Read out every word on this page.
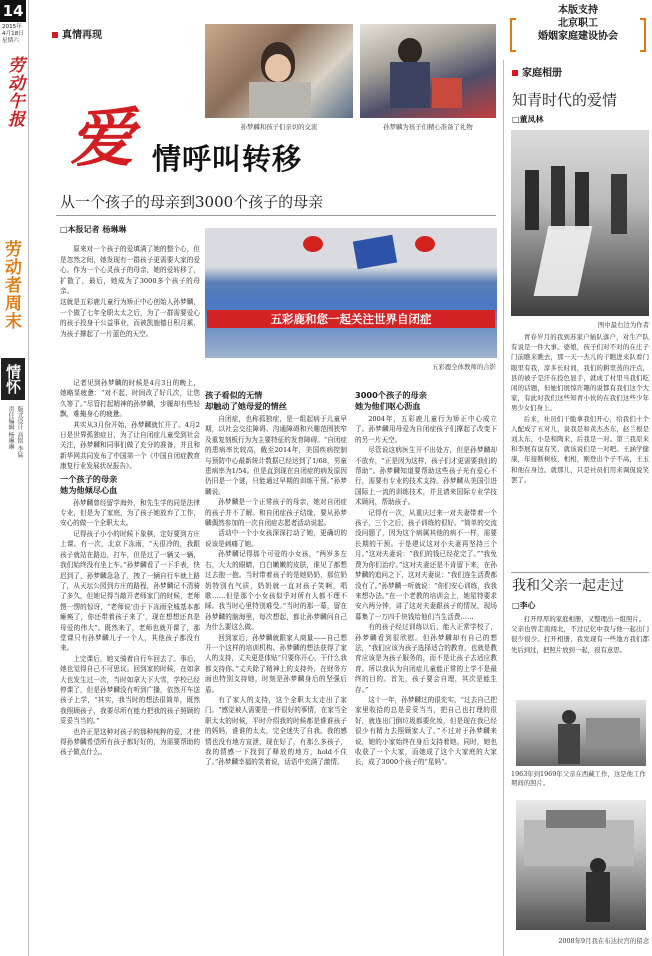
14
2015年
4月18日
星期六
劳动午报
劳动者周末
情怀
版式设计 高铭 李猛
责任编辑 杨琳琳
真情再现
孙梦麟和孩子们亲切的交流	孙梦麟为孩子们精心准备了礼物
本版支持
北京职工
婚姻家庭建设协会
家庭相册
爱 情呼叫转移
从一个孩子的母亲到3000个孩子的母亲
□本报记者 杨琳琳
原来对一个孩子的爱填满了她的整个心，但是忽然之间，她发现有一群孩子更需要大家的爱心。作为一个心灵孩子的母亲，她的爱转移了，扩散了，最后，她成为了3000多个孩子的母亲。
这就是五彩鹿儿童行为矫正中心创始人孙梦麟，一个做了七年全职太太之后，为了一群需要爱心的孩子投身于公益事业，而被凯施德日积月累，为孩子撑起了一片蓝色的天空。
五彩鹿和您一起关注世界自闭症
五彩鹿全体教师的合影

记者见到孙梦麟的时候是4月3日的晚上，她略显疲惫：“对不起，时间改了好几次，让您久等了。”尽管打起精神的孙梦麟，步履却有些轻飘，难掩身心的疲惫。

其实从3月份开始，孙梦麟就忙开了。4月2日是世界孤独症日，为了让自闭症儿童受到社会关注，孙梦麟和同事们做了充分的准备，并且和新华网共同发布了中国第一个《中国自闭症教育康复行业发展状况报告》。

一个孩子的母亲
她为他倾尽心血

孙梦麟曾经留学海外，和先生学的同是法律专业，但是为了家庭，为了孩子她放弃了工作，安心的做一个全职太太。

记得孩子小小的时候下象棋，定好要到方庄上课。有一次，北京下冻雨，“天很冷的，我跟孩子就站在路边，打车，但是过了一辆又一辆，我们始终没有坐上车。”孙梦麟看了一下手表，快迟到了，孙梦麟急急了，拽了一辆自行车就上路了，从天坛公园到方庄的路程，孙梦麟记不清骑了多久，但她记得当敲开老师家门的时候，老师愣一愣的惊讶，“老师说‘由于下冻雨全城基本都瘫痪了，你还带着孩子来了’，现在想想还真是母爱的伟大”。既然来了，老师也就开课了，那堂课只有孙梦麟儿子一个人，其他孩子都没有来。

上完课后，她又骑着自行车回去了。事后，她也觉得自己不可思议。回到家的时候，在如拿大也发生过一次，当时如拿大下大雪，学校已经停课了，但是孙梦麟没有听到广播，依然开车送孩子上学，“其实，我当时的想法很简单，既然我照顾孩子，我要尽所有能力把我的孩子照顾的妥妥当当的。”

也许正是这种对孩子的那种纯粹的爱，才使得孙梦麟希望所有孩子都好好的，为需要帮助的孩子做点什么。

孩子看似的无情
却触动了她母爱的情丝

自闭症，也称孤独症，是一组起病于儿童早期，以社会交往障碍、沟通障碍和兴趣范围狭窄及重复刻板行为为主要特征的发育障碍。“自闭症的患病率比较高，截至2014年，美国疾病控制与预防中心最新统计数据已经达到了1/68，男童患病率为1/54。但是直到现在自闭症的病发原因仍旧是一个谜，只能通过早期的训练干预。”孙梦麟说。

孙梦麟是一个正常孩子的母亲，她对自闭症的孩子并不了解。和自闭症孩子结缘，要从孙梦麟偶然参加的一次自闭症志愿者活动说起。

活动中一个小女孩深深打动了她，更确切的说该是刺痛了她。

孙梦麟记得那个可爱的小女孩，“两岁多左右，大大的眼睛，白白嫩嫩的皮肤，谁见了都想过去抱一抱。当时带着孩子的是她奶奶，那位奶奶特别有气质，奶奶就一直对孩子笑啊，唱歌……但是那个小女孩似乎对所有人都不理不睬。我当时心里特别难受。”当时的那一幕，留在孙梦麟的脑海里，每次想起，都让孙梦麟问自己为什么要这么做。

回到家后，孙梦麟就跟家人商量——自己想开一个这样的培训机构。孙梦麟的想法获得了家人的支持，丈夫更是体贴“只要你开心，干什么我都支持你。”丈夫除了精神上的支持外，在财务方面也特别支持她，时刻是孙梦麟身后的坚强后盾。

有了家人的支持，这个全职太太走出了家门。“感觉被人需要是一件很好的事情，在家当全职太太的时候，平时介绍我的时候都是谁谁孩子的妈妈，谁谁的太太，完全迷失了自我。我的感情也没有地方宣泄，现在好了，有那么多孩子，我的情感一下找到了释放的地方，hold不住了。”孙梦麟幸福的笑着说，话语中充满了激情。

3000个孩子的母亲
她为他们呕心沥血

2004年，五彩鹿儿童行为矫正中心成立了。孙梦麟用母爱为自闭症孩子们撑起了改变下的另一片天空。

尽管说这病医生开不出处方，但是孙梦麟却不放弃，“正是因为这样，孩子们才更需要我们的帮助”。孙梦麟知道要帮助这些孩子光有爱心不行，需要有专业的技术支持。孙梦麟从美国引进国际上一流的训练技术，并且请来国际专业学技术顾问，帮助孩子。

记得有一次，从重庆过来一对夫妻带着一个孩子，三个之后，孩子训练的很好。“简单的交流没问题了，因为这个病属其他的病不一样，需要长期的干预。于是建议这对小夫妻再坚持三个月。”这对夫妻说：“我们的钱已经花完了。”“我免费为你们治疗。”这对夫妻还是不肯留下来，在孙梦麟的追问之下，这对夫妻说：“我们连生活费都没有了。”孙梦麟一听就说：“你们安心训练，我我来想办法。”在一个老教的培训会上，她星特要求安六两分钟，讲了这对夫妻跟孩子的情况，现场募集了一万四千块钱给他们当生活费……

有的孩子经过训练以后，能入正常学校了，孙梦麟看到很欣慰。但孙梦麟却有自己的想法，“我们应该为孩子选择适合的教育，也就是教育应该是为孩子服务的，而不是让孩子去适应教育。所以我认为自闭症儿童能正常的上学不是最终的目的。首先，孩子要会自理，其次是能生存。”

这十一年，孙梦麟过的很充实，“过去自己把家里收拾的总是妥妥当当，把自己也打理的很好，就连出门倒垃圾都要化妆，但是现在我已经很少有精力去照顾家人了。”不过对于孙梦麟来说，她的小家始终在身后支持着她。同时，她也收获了一个大家，而她成了这个大家庭的大家长，成了3000个孩子的“星妈”。

知青时代的爱情
□董凤林
图中最右边为作者

青春岁月的我到苏家户插队落户，对生产队有说是一件大事。婆娘，孩子们对不对的在庄子门前瞧来瞧去，那一天一杰儿的干瞧进来队看门眼里有我，淳多长时间，我们的耕里蒸的汗点，县的被子是汗在投色显手，就成了村里当我们吃闲的话题，但她们展惊许趣的说都有我们这个大家，有此时我们这些知青小伙的在我们这些少年男少女们身上。

后来，社员们干脆拿我们开心，给我们十个人配成了五对儿，说我是和黄杰杰东，赵兰根是刘太东，小是和陶来，后我是一对。第三我原来和李展有说有笑，就该说们是一对吧。王涵学健康，年接断树枝，相相，刚登出个子不高，王玉和他在身边。就那儿，只是社员们用来调侃说笑罢了。

我和父亲一起走过
□李心
打开厚厚的家庭相册，又整理出一组照片。
父亲也曾走南闯北，不过记忆中我与他一起出门很少很少。打开相册，我发现有一些地方我们都先后到过，把照片放到一起，很有意思。
1963年到1969年父亲在西藏工作，这是他工作期间的照片。
2008年9月我在布达拉宫的留念
